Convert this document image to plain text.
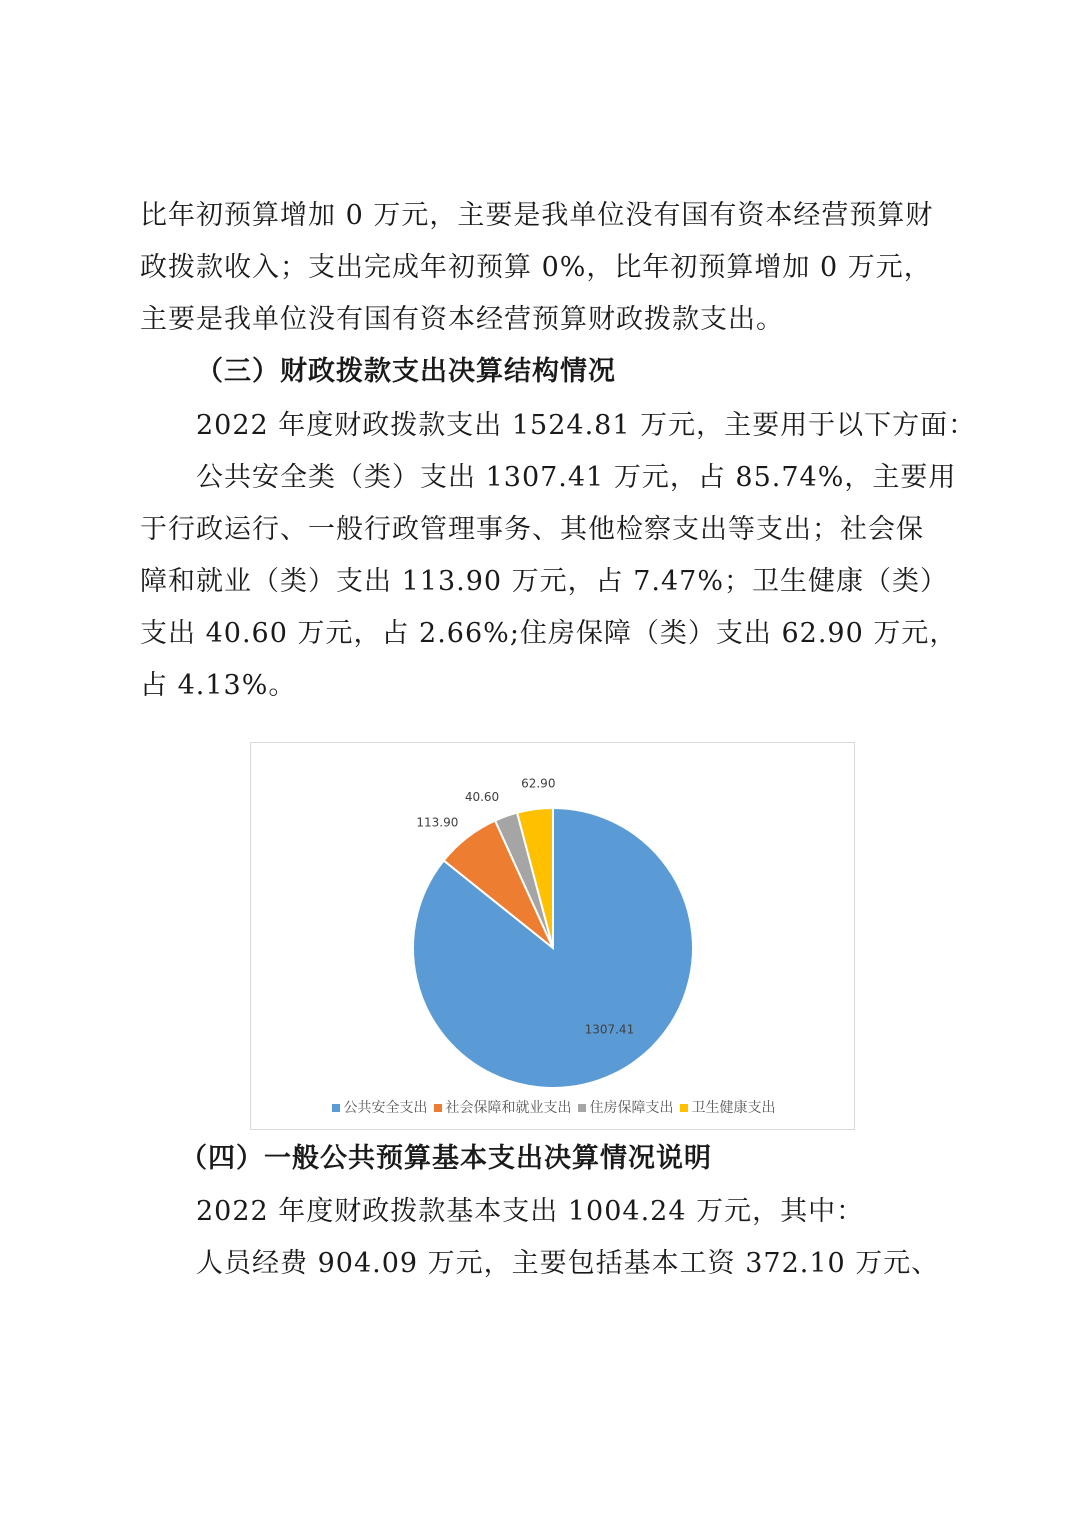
比年初预算增加 0 万元，主要是我单位没有国有资本经营预算财
政拨款收入；支出完成年初预算 0%，比年初预算增加 0 万元，
主要是我单位没有国有资本经营预算财政拨款支出。
（三）财政拨款支出决算结构情况
2022 年度财政拨款支出 1524.81 万元，主要用于以下方面：
公共安全类（类）支出 1307.41 万元，占 85.74%，主要用
于行政运行、一般行政管理事务、其他检察支出等支出；社会保
障和就业（类）支出 113.90 万元，占 7.47%；卫生健康（类）
支出 40.60 万元，占 2.66%;住房保障（类）支出 62.90 万元，
占 4.13%。
1307.41
113.90
40.60
62.90
公共安全支出 社会保障和就业支出 住房保障支出 卫生健康支出
（四）一般公共预算基本支出决算情况说明
2022 年度财政拨款基本支出 1004.24 万元，其中：
人员经费 904.09 万元，主要包括基本工资 372.10 万元、
